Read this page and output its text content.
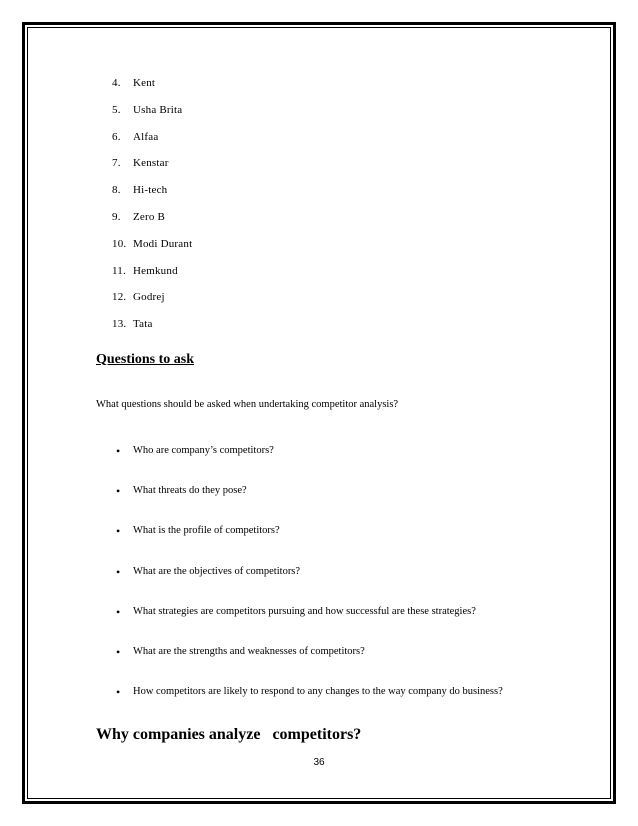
4.	Kent
5.	Usha Brita
6.	Alfaa
7.	Kenstar
8.	Hi-tech
9.	Zero B
10. Modi Durant
11. Hemkund
12. Godrej
13. Tata
Questions to ask

What questions should be asked when undertaking competitor analysis?

• Who are company’s competitors?
• What threats do they pose?
• What is the profile of competitors?
• What are the objectives of competitors?
• What strategies are competitors pursuing and how successful are these strategies?
• What are the strengths and weaknesses of competitors?
• How competitors are likely to respond to any changes to the way company do business?
Why companies analyze   competitors?
36
